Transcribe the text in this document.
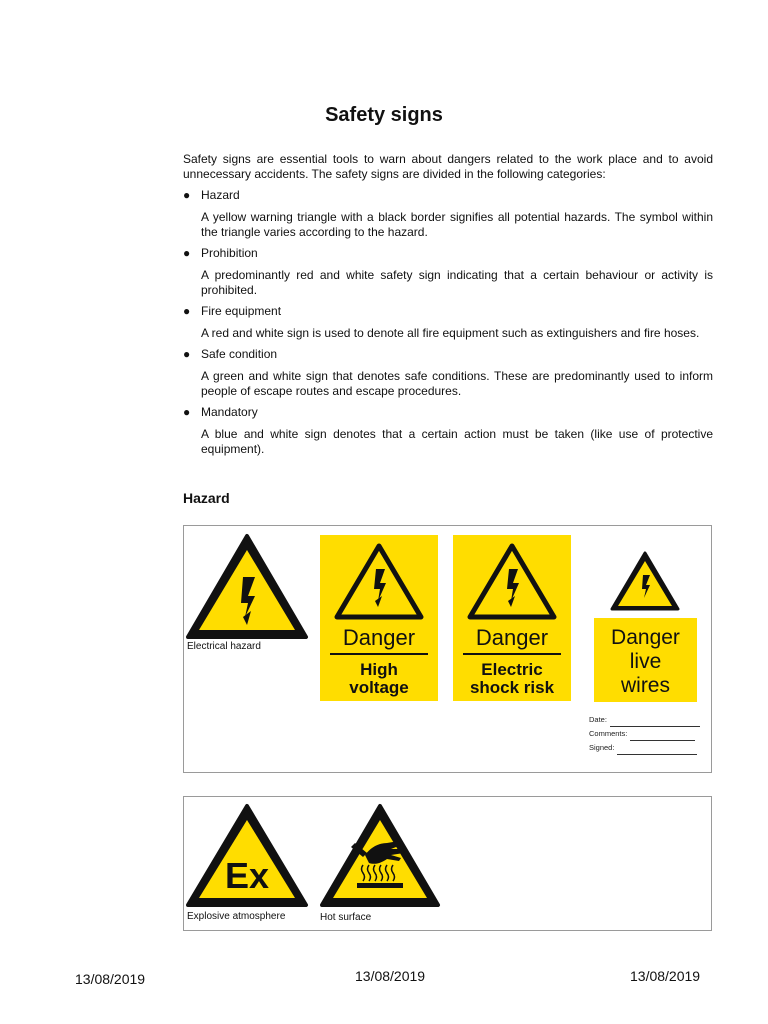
Safety signs

Safety signs are essential tools to warn about dangers related to the work place and to avoid unnecessary accidents. The safety signs are divided in the following categories:

● Hazard
A yellow warning triangle with a black border signifies all potential hazards. The symbol within the triangle varies according to the hazard.
● Prohibition
A predominantly red and white safety sign indicating that a certain behaviour or activity is prohibited.
● Fire equipment
A red and white sign is used to denote all fire equipment such as extinguishers and fire hoses.
● Safe condition
A green and white sign that denotes safe conditions. These are predominantly used to inform people of escape routes and escape procedures.
● Mandatory
A blue and white sign denotes that a certain action must be taken (like use of protective equipment).
Hazard
Electrical hazard	Danger
High
voltage
Danger
Electric
shock risk
Danger
live
wires
Date:
Comments:
Signed:
Ex
Explosive atmosphere	Hot surface
13/08/2019	13/08/2019	13/08/2019
